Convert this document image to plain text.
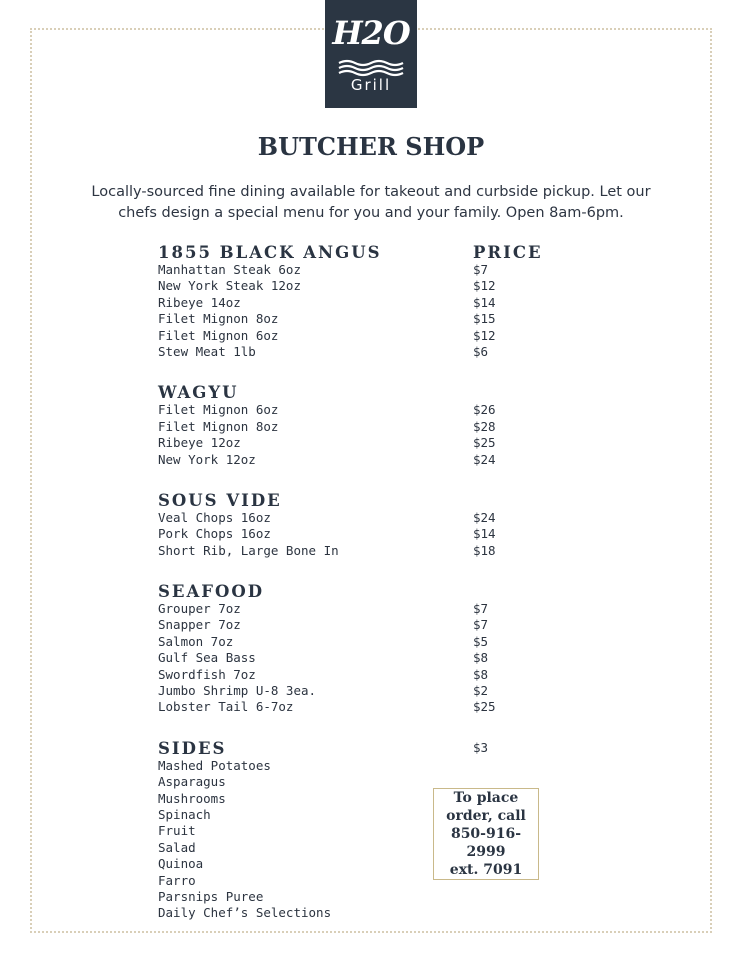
H2O
Grill
BUTCHER SHOP
Locally-sourced fine dining available for takeout and curbside pickup. Let our chefs design a special menu for you and your family. Open 8am-6pm.
1855 BLACK ANGUS	PRICE
Manhattan Steak 6oz	$7
New York Steak 12oz	$12
Ribeye 14oz	$14
Filet Mignon 8oz	$15
Filet Mignon 6oz	$12
Stew Meat 1lb	$6
WAGYU
Filet Mignon 6oz	$26
Filet Mignon 8oz	$28
Ribeye 12oz	$25
New York 12oz	$24
SOUS VIDE
Veal Chops 16oz	$24
Pork Chops 16oz	$14
Short Rib, Large Bone In	$18
SEAFOOD
Grouper 7oz	$7
Snapper 7oz	$7
Salmon 7oz	$5
Gulf Sea Bass	$8
Swordfish 7oz	$8
Jumbo Shrimp U-8 3ea.	$2
Lobster Tail 6-7oz	$25
SIDES	$3
Mashed Potatoes
Asparagus
Mushrooms
Spinach
Fruit
Salad
Quinoa
Farro
Parsnips Puree
Daily Chef’s Selections
To place
order, call
850-916-2999
ext. 7091
